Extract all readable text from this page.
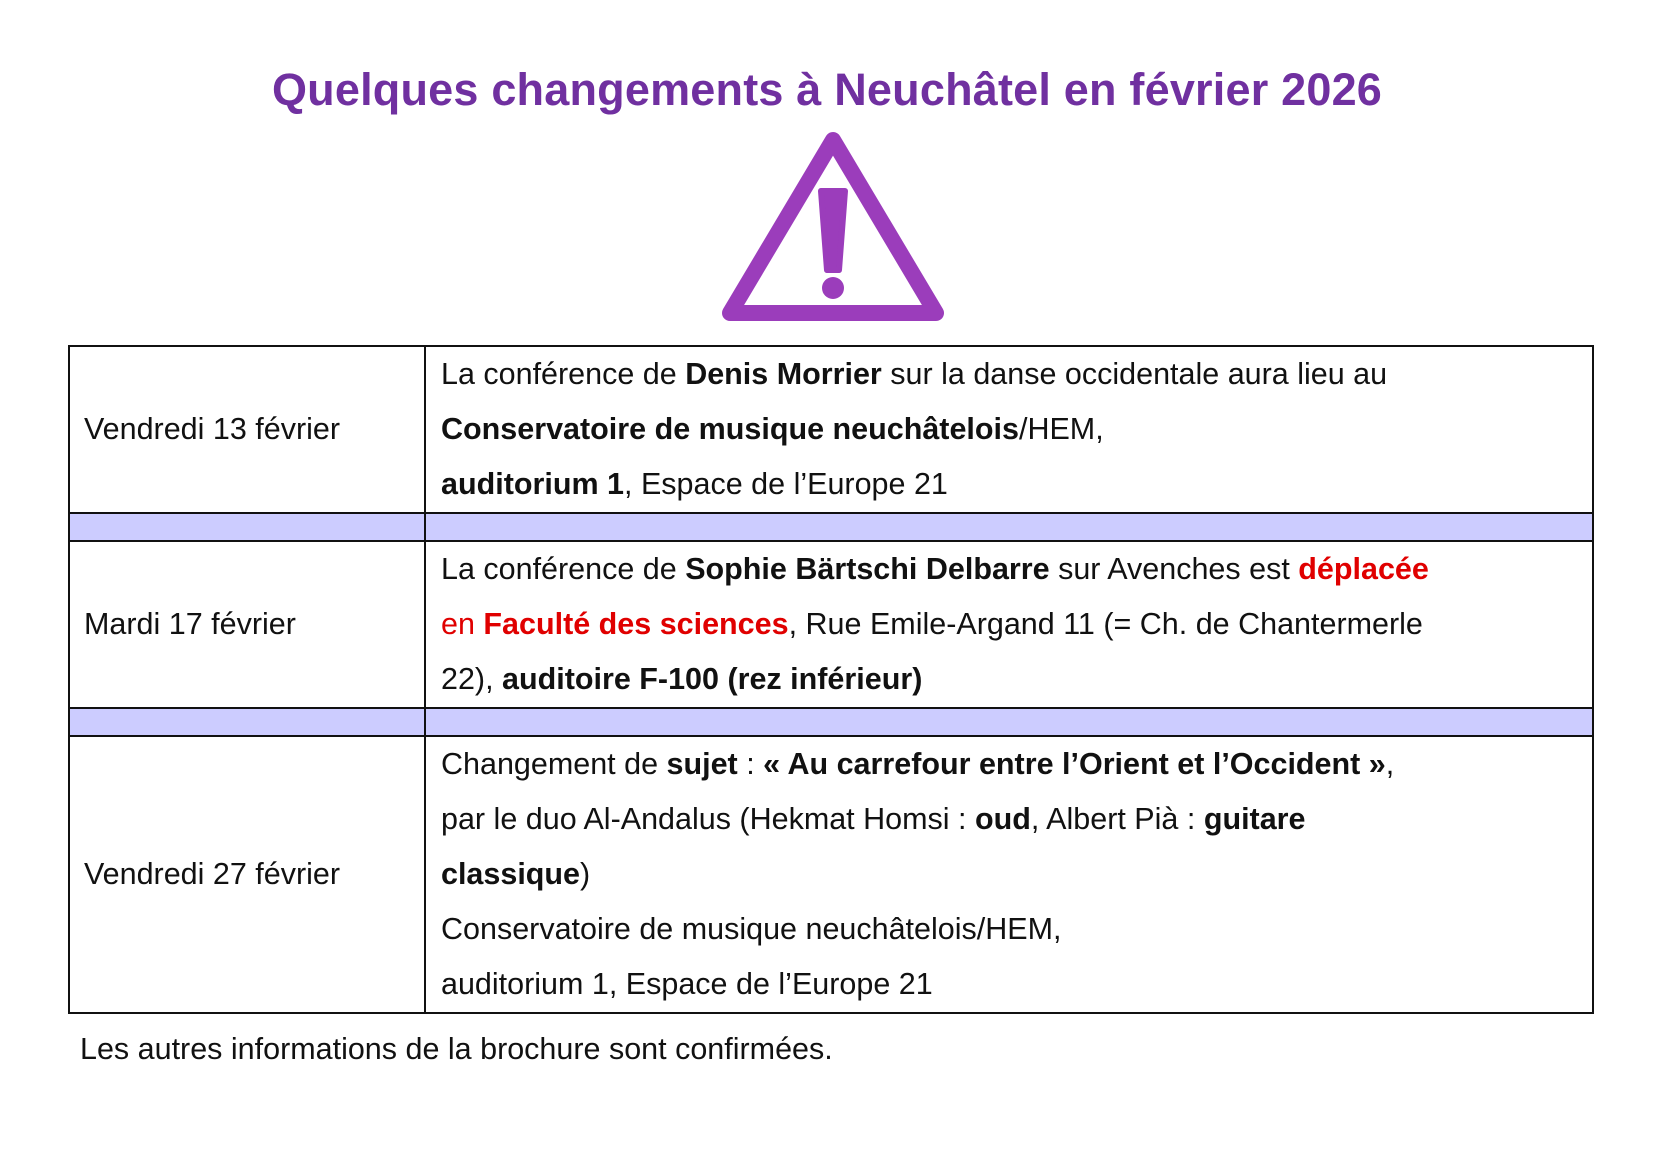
Quelques changements à Neuchâtel en février 2026
Vendredi 13 février	La conférence de Denis Morrier sur la danse occidentale aura lieu au
Conservatoire de musique neuchâtelois/HEM,
auditorium 1, Espace de l’Europe 21

Mardi 17 février	La conférence de Sophie Bärtschi Delbarre sur Avenches est déplacée
en Faculté des sciences, Rue Emile-Argand 11 (= Ch. de Chantermerle
22), auditoire F-100 (rez inférieur)

Vendredi 27 février	Changement de sujet : « Au carrefour entre l’Orient et l’Occident »,
par le duo Al-Andalus (Hekmat Homsi : oud, Albert Pià : guitare
classique)
Conservatoire de musique neuchâtelois/HEM,
auditorium 1, Espace de l’Europe 21
Les autres informations de la brochure sont confirmées.
